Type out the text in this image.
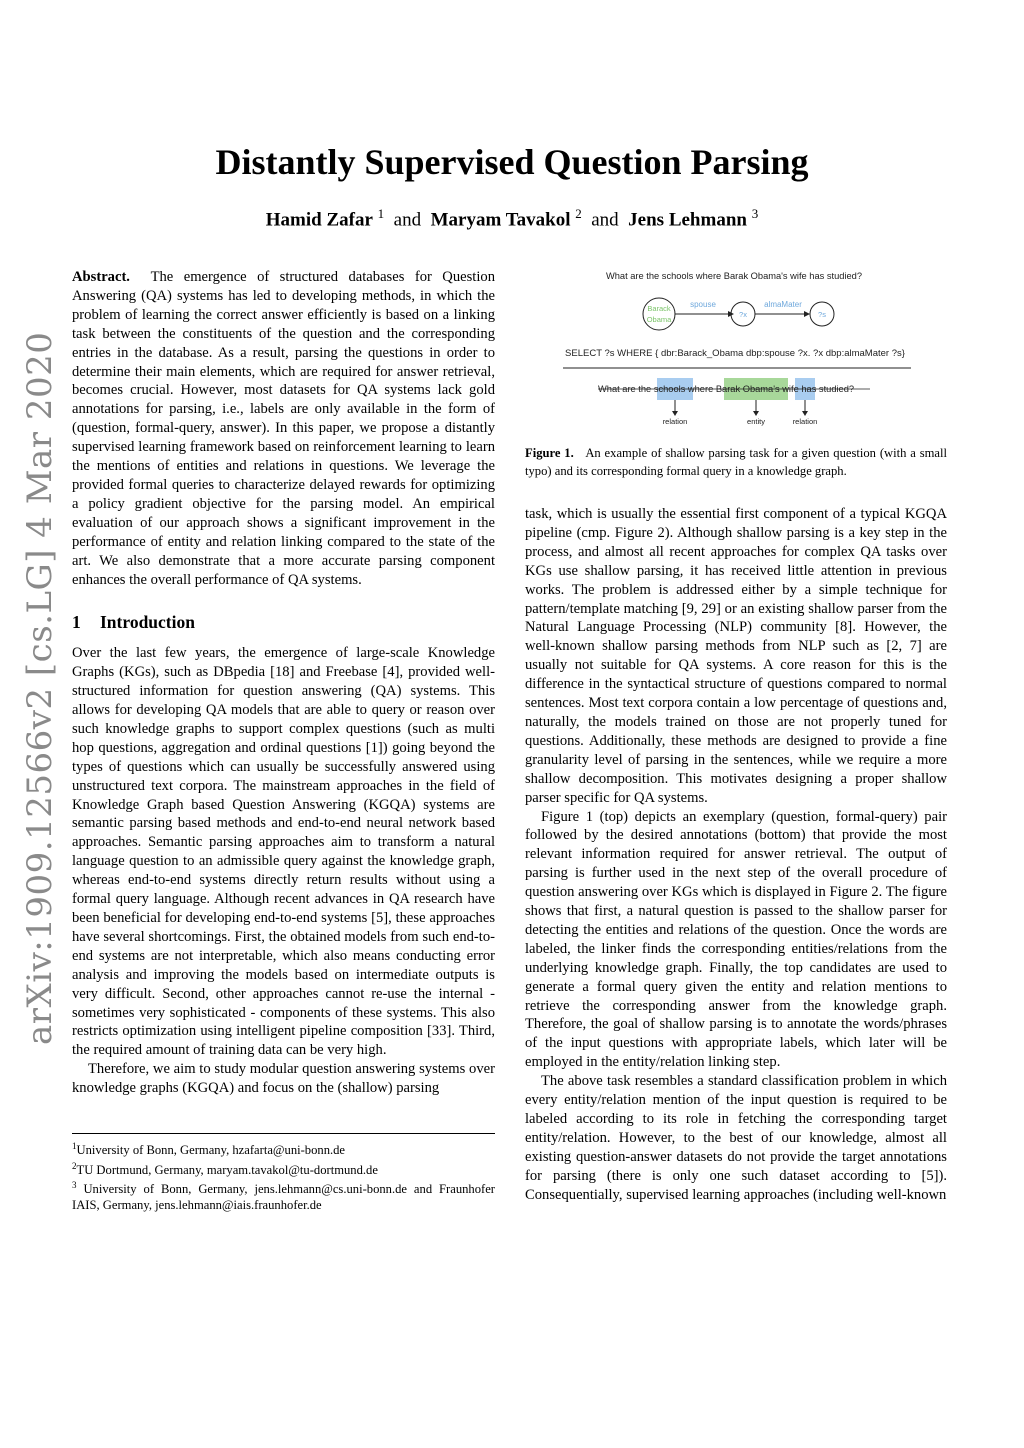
arXiv:1909.12566v2 [cs.LG] 4 Mar 2020
Distantly Supervised Question Parsing
Hamid Zafar $^1$ and Maryam Tavakol $^2$ and Jens Lehmann $^3$

Abstract. The emergence of structured databases for Question Answering (QA) systems has led to developing methods, in which the problem of learning the correct answer efficiently is based on a linking task between the constituents of the question and the corresponding entries in the database. As a result, parsing the questions in order to determine their main elements, which are required for answer retrieval, becomes crucial. However, most datasets for QA systems lack gold annotations for parsing, i.e., labels are only available in the form of (question, formal-query, answer). In this paper, we propose a distantly supervised learning framework based on reinforcement learning to learn the mentions of entities and relations in questions. We leverage the provided formal queries to characterize delayed rewards for optimizing a policy gradient objective for the parsing model. An empirical evaluation of our approach shows a significant improvement in the performance of entity and relation linking compared to the state of the art. We also demonstrate that a more accurate parsing component enhances the overall performance of QA systems.

1 Introduction

Over the last few years, the emergence of large-scale Knowledge Graphs (KGs), such as DBpedia [18] and Freebase [4], provided well-structured information for question answering (QA) systems. This allows for developing QA models that are able to query or reason over such knowledge graphs to support complex questions (such as multi hop questions, aggregation and ordinal questions [1]) going beyond the types of questions which can usually be successfully answered using unstructured text corpora. The mainstream approaches in the field of Knowledge Graph based Question Answering (KGQA) systems are semantic parsing based methods and end-to-end neural network based approaches. Semantic parsing approaches aim to transform a natural language question to an admissible query against the knowledge graph, whereas end-to-end systems directly return results without using a formal query language. Although recent advances in QA research have been beneficial for developing end-to-end systems [5], these approaches have several shortcomings. First, the obtained models from such end-to-end systems are not interpretable, which also means conducting error analysis and improving the models based on intermediate outputs is very difficult. Second, other approaches cannot re-use the internal - sometimes very sophisticated - components of these systems. This also restricts optimization using intelligent pipeline composition [33]. Third, the required amount of training data can be very high.

Therefore, we aim to study modular question answering systems over knowledge graphs (KGQA) and focus on the (shallow) parsing

$^1$University of Bonn, Germany, hzafarta@uni-bonn.de
$^2$TU Dortmund, Germany, maryam.tavakol@tu-dortmund.de
$^3$ University of Bonn, Germany, jens.lehmann@cs.uni-bonn.de and Fraunhofer IAIS, Germany, jens.lehmann@iais.fraunhofer.de
What are the schools where Barak Obama's wife has studied?
Barack
Obama
spouse
?x
almaMater
?s
SELECT ?s WHERE { dbr:Barack_Obama dbp:spouse ?x. ?x dbp:almaMater ?s}
What are the schools where Barak Obama's wife has studied?
relation	entity	relation
Figure 1. An example of shallow parsing task for a given question (with a small typo) and its corresponding formal query in a knowledge graph.

task, which is usually the essential first component of a typical KGQA pipeline (cmp. Figure 2). Although shallow parsing is a key step in the process, and almost all recent approaches for complex QA tasks over KGs use shallow parsing, it has received little attention in previous works. The problem is addressed either by a simple technique for pattern/template matching [9, 29] or an existing shallow parser from the Natural Language Processing (NLP) community [8]. However, the well-known shallow parsing methods from NLP such as [2, 7] are usually not suitable for QA systems. A core reason for this is the difference in the syntactical structure of questions compared to normal sentences. Most text corpora contain a low percentage of questions and, naturally, the models trained on those are not properly tuned for questions. Additionally, these methods are designed to provide a fine granularity level of parsing in the sentences, while we require a more shallow decomposition. This motivates designing a proper shallow parser specific for QA systems.

Figure 1 (top) depicts an exemplary (question, formal-query) pair followed by the desired annotations (bottom) that provide the most relevant information required for answer retrieval. The output of parsing is further used in the next step of the overall procedure of question answering over KGs which is displayed in Figure 2. The figure shows that first, a natural question is passed to the shallow parser for detecting the entities and relations of the question. Once the words are labeled, the linker finds the corresponding entities/relations from the underlying knowledge graph. Finally, the top candidates are used to generate a formal query given the entity and relation mentions to retrieve the corresponding answer from the knowledge graph. Therefore, the goal of shallow parsing is to annotate the words/phrases of the input questions with appropriate labels, which later will be employed in the entity/relation linking step.

The above task resembles a standard classification problem in which every entity/relation mention of the input question is required to be labeled according to its role in fetching the corresponding target entity/relation. However, to the best of our knowledge, almost all existing question-answer datasets do not provide the target annotations for parsing (there is only one such dataset according to [5]). Consequentially, supervised learning approaches (including well-known
